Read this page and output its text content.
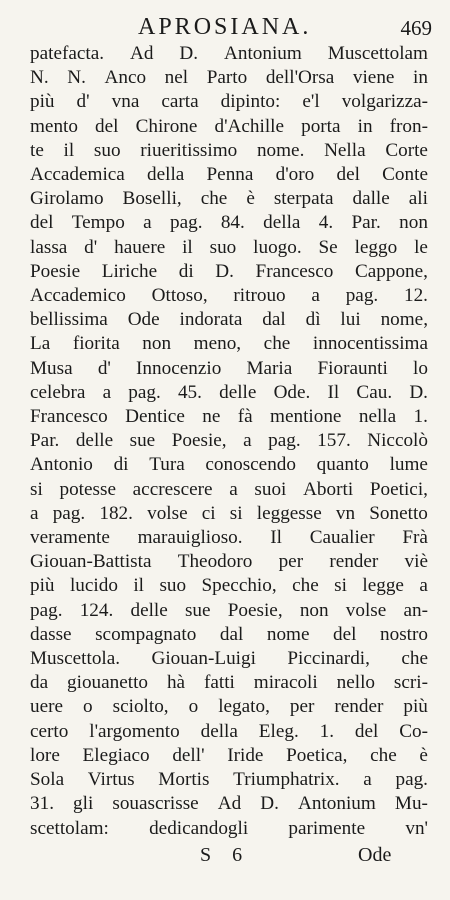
APROSIANA.	469
patefacta. Ad D. Antonium Muscettolam
N. N. Anco nel Parto dell'Orsa viene in
più d' vna carta dipinto: e'l volgarizza-
mento del Chirone d'Achille porta in fron-
te il suo riueritissimo nome. Nella Corte
Accademica della Penna d'oro del Conte
Girolamo Boselli, che è sterpata dalle ali
del Tempo a pag. 84. della 4. Par. non
lassa d' hauere il suo luogo. Se leggo le
Poesie Liriche di D. Francesco Cappone,
Accademico Ottoso, ritrouo a pag. 12.
bellissima Ode indorata dal dì lui nome,
La fiorita non meno, che innocentissima
Musa d' Innocenzio Maria Fioraunti lo
celebra a pag. 45. delle Ode. Il Cau. D.
Francesco Dentice ne fà mentione nella 1.
Par. delle sue Poesie, a pag. 157. Niccolò
Antonio di Tura conoscendo quanto lume
si potesse accrescere a suoi Aborti Poetici,
a pag. 182. volse ci si leggesse vn Sonetto
veramente marauiglioso. Il Caualier Frà
Giouan-Battista Theodoro per render viè
più lucido il suo Specchio, che si legge a
pag. 124. delle sue Poesie, non volse an-
dasse scompagnato dal nome del nostro
Muscettola. Giouan-Luigi Piccinardi, che
da giouanetto hà fatti miracoli nello scri-
uere o sciolto, o legato, per render più
certo l'argomento della Eleg. 1. del Co-
lore Elegiaco dell' Iride Poetica, che è
Sola Virtus Mortis Triumphatrix. a pag.
31. gli souascrisse Ad D. Antonium Mu-
scettolam: dedicandogli parimente vn'
S 6	Ode
